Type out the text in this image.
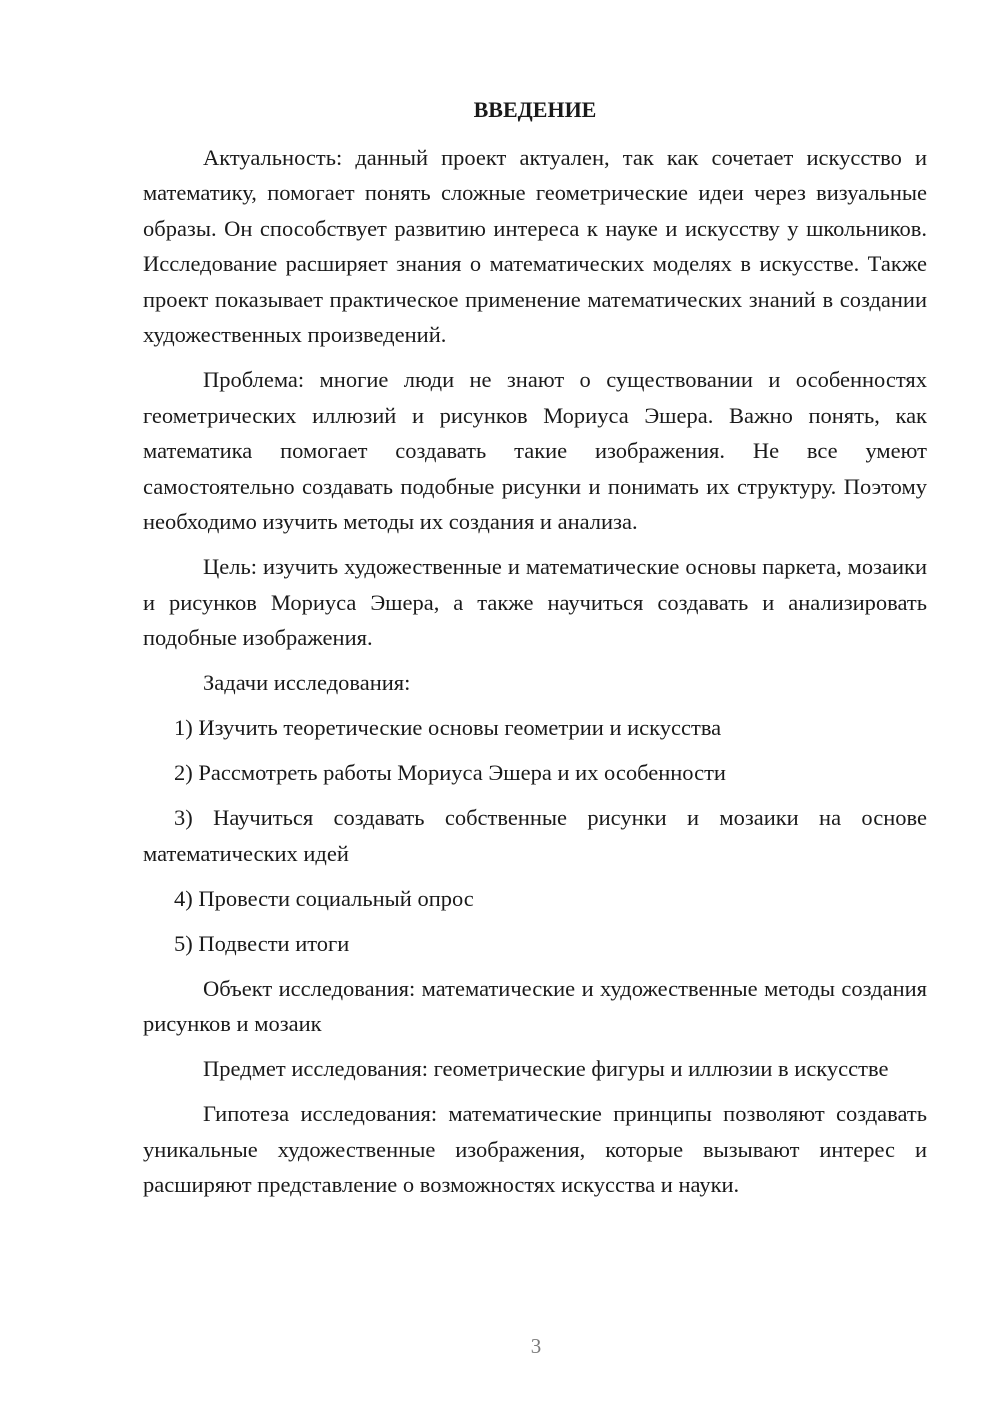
ВВЕДЕНИЕ

Актуальность: данный проект актуален, так как сочетает искусство и математику, помогает понять сложные геометрические идеи через визуальные образы. Он способствует развитию интереса к науке и искусству у школьников. Исследование расширяет знания о математических моделях в искусстве. Также проект показывает практическое применение математических знаний в создании художественных произведений.

Проблема: многие люди не знают о существовании и особенностях геометрических иллюзий и рисунков Мориуса Эшера. Важно понять, как математика помогает создавать такие изображения. Не все умеют самостоятельно создавать подобные рисунки и понимать их структуру. Поэтому необходимо изучить методы их создания и анализа.

Цель: изучить художественные и математические основы паркета, мозаики и рисунков Мориуса Эшера, а также научиться создавать и анализировать подобные изображения.

Задачи исследования:

1) Изучить теоретические основы геометрии и искусства

2) Рассмотреть работы Мориуса Эшера и их особенности

3) Научиться создавать собственные рисунки и мозаики на основе математических идей

4) Провести социальный опрос

5) Подвести итоги

Объект исследования: математические и художественные методы создания рисунков и мозаик

Предмет исследования: геометрические фигуры и иллюзии в искусстве

Гипотеза исследования: математические принципы позволяют создавать уникальные художественные изображения, которые вызывают интерес и расширяют представление о возможностях искусства и науки.

3
